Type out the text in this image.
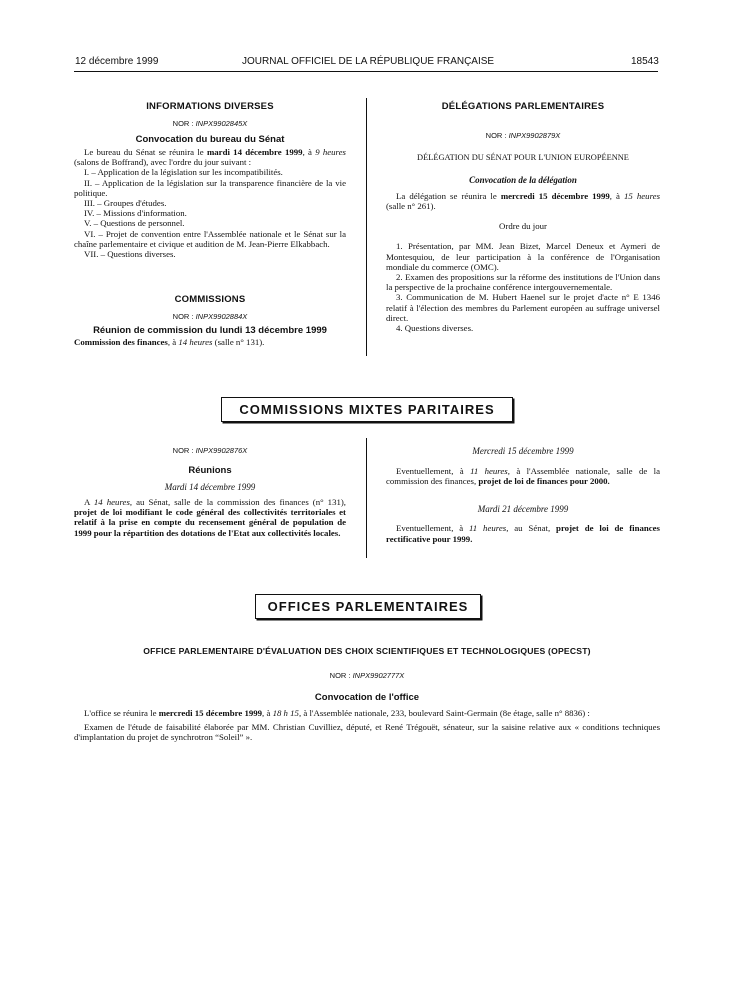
12 décembre 1999	JOURNAL OFFICIEL DE LA RÉPUBLIQUE FRANÇAISE	18543
INFORMATIONS DIVERSES
NOR : INPX9902845X
Convocation du bureau du Sénat

Le bureau du Sénat se réunira le mardi 14 décembre 1999, à 9 heures (salons de Boffrand), avec l'ordre du jour suivant :

I. – Application de la législation sur les incompatibilités.

II. – Application de la législation sur la transparence financière de la vie politique.

III. – Groupes d'études.

IV. – Missions d'information.

V. – Questions de personnel.

VI. – Projet de convention entre l'Assemblée nationale et le Sénat sur la chaîne parlementaire et civique et audition de M. Jean-Pierre Elkabbach.

VII. – Questions diverses.

COMMISSIONS
NOR : INPX9902884X
Réunion de commission du lundi 13 décembre 1999

Commission des finances, à 14 heures (salle n° 131).

DÉLÉGATIONS PARLEMENTAIRES
NOR : INPX9902879X
DÉLÉGATION DU SÉNAT POUR L'UNION EUROPÉENNE
Convocation de la délégation

La délégation se réunira le mercredi 15 décembre 1999, à 15 heures (salle n° 261).

Ordre du jour

1. Présentation, par MM. Jean Bizet, Marcel Deneux et Aymeri de Montesquiou, de leur participation à la conférence de l'Organisation mondiale du commerce (OMC).

2. Examen des propositions sur la réforme des institutions de l'Union dans la perspective de la prochaine conférence intergouvernementale.

3. Communication de M. Hubert Haenel sur le projet d'acte n° E 1346 relatif à l'élection des membres du Parlement européen au suffrage universel direct.

4. Questions diverses.

COMMISSIONS MIXTES PARITAIRES
NOR : INPX9902876X
Réunions
Mardi 14 décembre 1999

A 14 heures, au Sénat, salle de la commission des finances (n° 131), projet de loi modifiant le code général des collectivités territoriales et relatif à la prise en compte du recensement général de population de 1999 pour la répartition des dotations de l'Etat aux collectivités locales.

Mercredi 15 décembre 1999

Eventuellement, à 11 heures, à l'Assemblée nationale, salle de la commission des finances, projet de loi de finances pour 2000.

Mardi 21 décembre 1999

Eventuellement, à 11 heures, au Sénat, projet de loi de finances rectificative pour 1999.

OFFICES PARLEMENTAIRES
OFFICE PARLEMENTAIRE D'ÉVALUATION DES CHOIX SCIENTIFIQUES ET TECHNOLOGIQUES (OPECST)
NOR : INPX9902777X
Convocation de l'office

L'office se réunira le mercredi 15 décembre 1999, à 18 h 15, à l'Assemblée nationale, 233, boulevard Saint-Germain (8e étage, salle n° 8836) :

Examen de l'étude de faisabilité élaborée par MM. Christian Cuvilliez, député, et René Trégouët, sénateur, sur la saisine relative aux « conditions techniques d'implantation du projet de synchrotron “Soleil” ».
